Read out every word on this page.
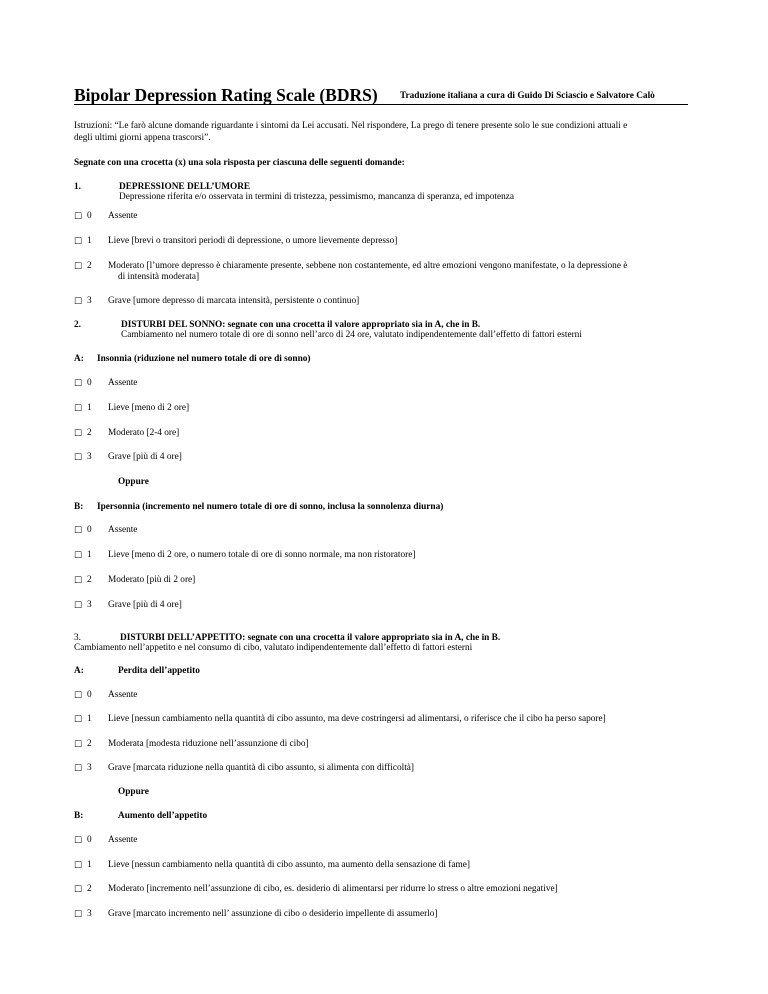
Bipolar Depression Rating Scale (BDRS) Traduzione italiana a cura di Guido Di Sciascio e Salvatore Calò
Istruzioni: “Le farò alcune domande riguardante i sintomi da Lei accusati. Nel rispondere, La prego di tenere presente solo le sue condizioni attuali e
degli ultimi giorni appena trascorsi”.
Segnate con una crocetta (x) una sola risposta per ciascuna delle seguenti domande:
1.	DEPRESSIONE DELL’UMORE
Depressione riferita e/o osservata in termini di tristezza, pessimismo, mancanza di speranza, ed impotenza
□ 0 Assente
□ 1 Lieve [brevi o transitori periodi di depressione, o umore lievemente depresso]
□ 2 Moderato [l’umore depresso è chiaramente presente, sebbene non costantemente, ed altre emozioni vengono manifestate, o la depressione è
di intensità moderata]
□ 3 Grave [umore depresso di marcata intensità, persistente o continuo]
2.	DISTURBI DEL SONNO: segnate con una crocetta il valore appropriato sia in A, che in B.
Cambiamento nel numero totale di ore di sonno nell’arco di 24 ore, valutato indipendentemente dall’effetto di fattori esterni
A: Insonnia (riduzione nel numero totale di ore di sonno)
□ 0 Assente
□ 1 Lieve [meno di 2 ore]
□ 2 Moderato [2-4 ore]
□ 3 Grave [più di 4 ore]
Oppure
B: Ipersonnia (incremento nel numero totale di ore di sonno, inclusa la sonnolenza diurna)
□ 0 Assente
□ 1 Lieve [meno di 2 ore, o numero totale di ore di sonno normale, ma non ristoratore]
□ 2 Moderato [più di 2 ore]
□ 3 Grave [più di 4 ore]
3.	DISTURBI DELL’APPETITO: segnate con una crocetta il valore appropriato sia in A, che in B.
Cambiamento nell’appetito e nel consumo di cibo, valutato indipendentemente dall’effetto di fattori esterni
A:	Perdita dell’appetito
□ 0 Assente
□ 1 Lieve [nessun cambiamento nella quantità di cibo assunto, ma deve costringersi ad alimentarsi, o riferisce che il cibo ha perso sapore]
□ 2 Moderata [modesta riduzione nell’assunzione di cibo]
□ 3 Grave [marcata riduzione nella quantità di cibo assunto, si alimenta con difficoltà]
Oppure
B:	Aumento dell’appetito
□ 0 Assente
□ 1 Lieve [nessun cambiamento nella quantità di cibo assunto, ma aumento della sensazione di fame]
□ 2 Moderato [incremento nell’assunzione di cibo, es. desiderio di alimentarsi per ridurre lo stress o altre emozioni negative]
□ 3 Grave [marcato incremento nell’ assunzione di cibo o desiderio impellente di assumerlo]
